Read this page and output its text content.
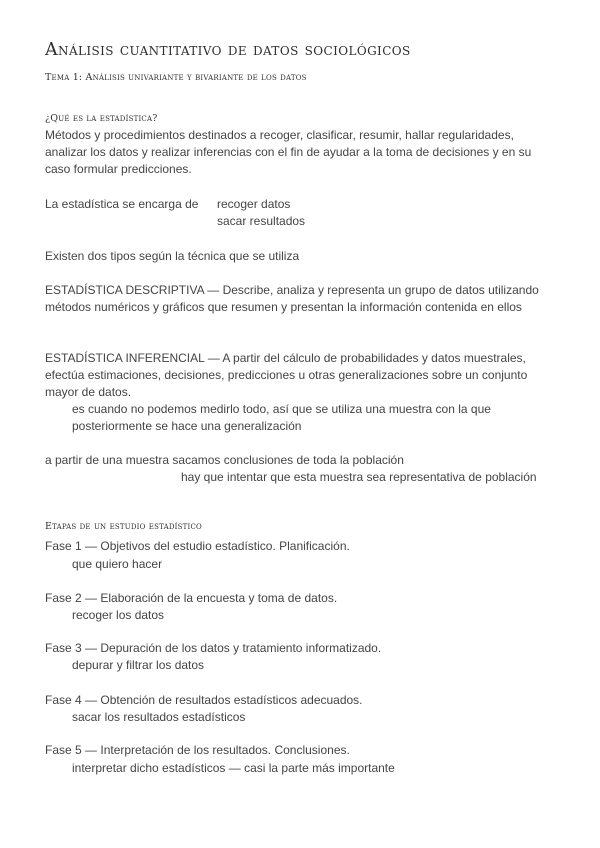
Análisis cuantitativo de datos sociológicos
Tema 1: Análisis univariante y bivariante de los datos
¿Qué es la estadística?

Métodos y procedimientos destinados a recoger, clasificar, resumir, hallar regularidades, analizar los datos y realizar inferencias con el fin de ayudar a la toma de decisiones y en su caso formular predicciones.

La estadística se encarga de recoger datos
sacar resultados
Existen dos tipos según la técnica que se utiliza

ESTADÍSTICA DESCRIPTIVA — Describe, analiza y representa un grupo de datos utilizando métodos numéricos y gráficos que resumen y presentan la información contenida en ellos

ESTADÍSTICA INFERENCIAL — A partir del cálculo de probabilidades y datos muestrales, efectúa estimaciones, decisiones, predicciones u otras generalizaciones sobre un conjunto mayor de datos.

es cuando no podemos medirlo todo, así que se utiliza una muestra con la que posteriormente se hace una generalización

a partir de una muestra sacamos conclusiones de toda la población

hay que intentar que esta muestra sea representativa de población

Etapas de un estudio estadístico
Fase 1 — Objetivos del estudio estadístico. Planificación.
que quiero hacer
Fase 2 — Elaboración de la encuesta y toma de datos.
recoger los datos
Fase 3 — Depuración de los datos y tratamiento informatizado.
depurar y filtrar los datos
Fase 4 — Obtención de resultados estadísticos adecuados.
sacar los resultados estadísticos
Fase 5 — Interpretación de los resultados. Conclusiones.
interpretar dicho estadísticos — casi la parte más importante
